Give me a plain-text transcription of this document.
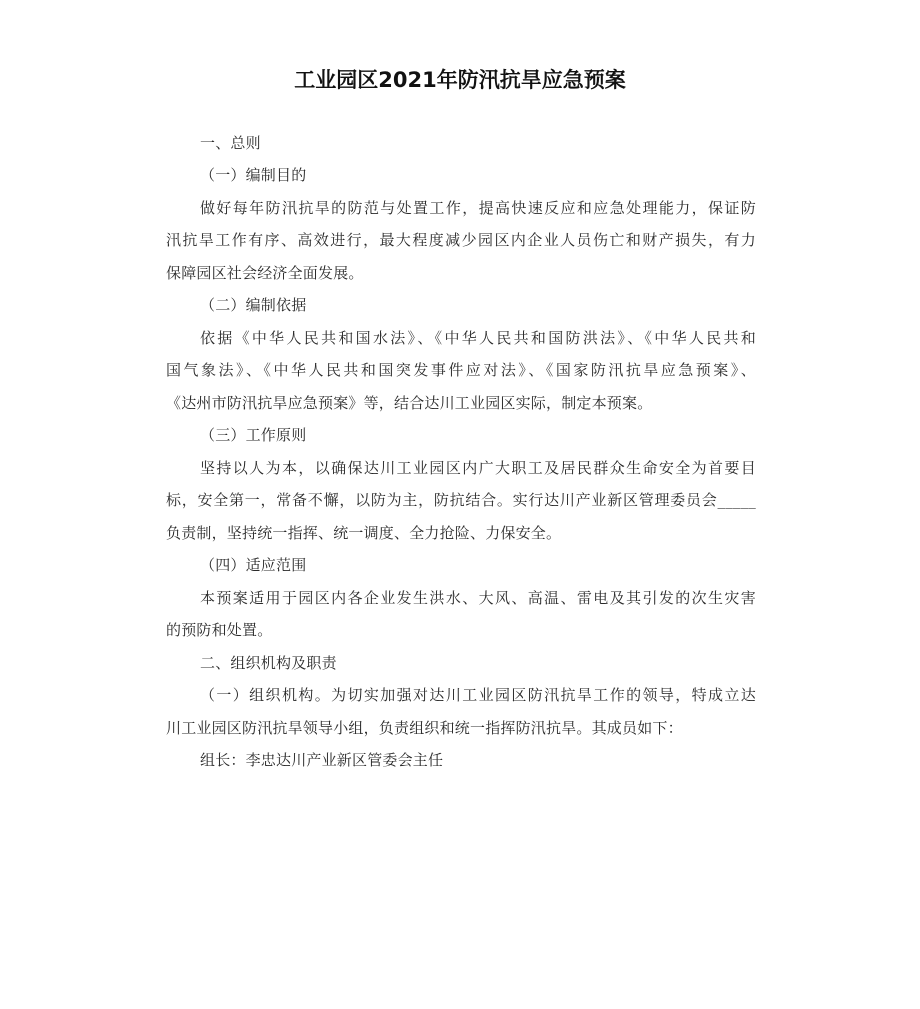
工业园区2021年防汛抗旱应急预案
一、总则
（一）编制目的
做好每年防汛抗旱的防范与处置工作，提高快速反应和应急处理能力，保证防
汛抗旱工作有序、高效进行，最大程度减少园区内企业人员伤亡和财产损失，有力
保障园区社会经济全面发展。
（二）编制依据
依据《中华人民共和国水法》、《中华人民共和国防洪法》、《中华人民共和
国气象法》、《中华人民共和国突发事件应对法》、《国家防汛抗旱应急预案》、
《达州市防汛抗旱应急预案》等，结合达川工业园区实际，制定本预案。
（三）工作原则
坚持以人为本，以确保达川工业园区内广大职工及居民群众生命安全为首要目
标，安全第一，常备不懈，以防为主，防抗结合。实行达川产业新区管理委员会_____
负责制，坚持统一指挥、统一调度、全力抢险、力保安全。
（四）适应范围
本预案适用于园区内各企业发生洪水、大风、高温、雷电及其引发的次生灾害
的预防和处置。
二、组织机构及职责
（一）组织机构。为切实加强对达川工业园区防汛抗旱工作的领导，特成立达
川工业园区防汛抗旱领导小组，负责组织和统一指挥防汛抗旱。其成员如下：
组长：李忠达川产业新区管委会主任
